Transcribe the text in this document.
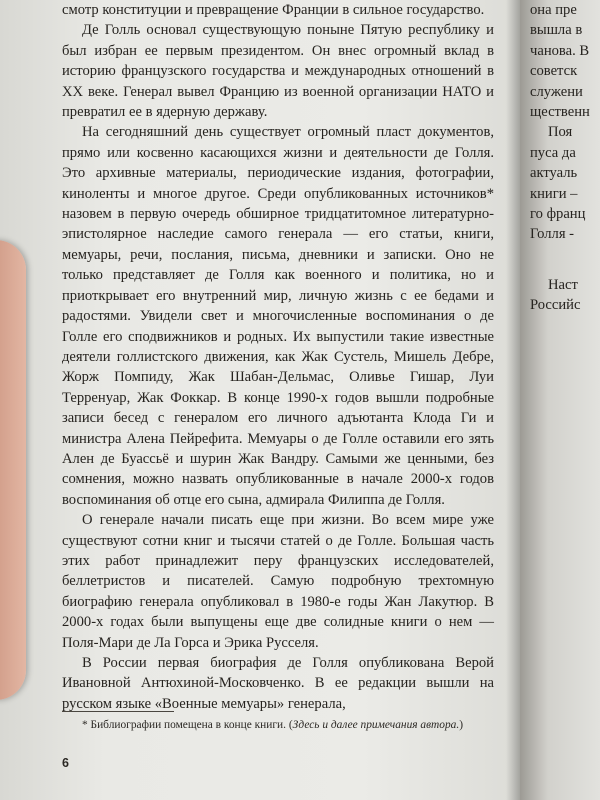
смотр конституции и превращение Франции в сильное государство.

Де Голль основал существующую поныне Пятую республику и был избран ее первым президентом. Он внес огромный вклад в историю французского государства и международных отношений в XX веке. Генерал вывел Францию из военной организации НАТО и превратил ее в ядерную державу.

На сегодняшний день существует огромный пласт документов, прямо или косвенно касающихся жизни и деятельности де Голля. Это архивные материалы, периодические издания, фотографии, киноленты и многое другое. Среди опубликованных источников* назовем в первую очередь обширное тридцатитомное литературно-эпистолярное наследие самого генерала — его статьи, книги, мемуары, речи, послания, письма, дневники и записки. Оно не только представляет де Голля как военного и политика, но и приоткрывает его внутренний мир, личную жизнь с ее бедами и радостями. Увидели свет и многочисленные воспоминания о де Голле его сподвижников и родных. Их выпустили такие известные деятели голлистского движения, как Жак Сустель, Мишель Дебре, Жорж Помпиду, Жак Шабан-Дельмас, Оливье Гишар, Луи Терренуар, Жак Фоккар. В конце 1990-х годов вышли подробные записи бесед с генералом его личного адъютанта Клода Ги и министра Алена Пейрефита. Мемуары о де Голле оставили его зять Ален де Буассьё и шурин Жак Вандру. Самыми же ценными, без сомнения, можно назвать опубликованные в начале 2000-х годов воспоминания об отце его сына, адмирала Филиппа де Голля.

О генерале начали писать еще при жизни. Во всем мире уже существуют сотни книг и тысячи статей о де Голле. Большая часть этих работ принадлежит перу французских исследователей, беллетристов и писателей. Самую подробную трехтомную биографию генерала опубликовал в 1980-е годы Жан Лакутюр. В 2000-х годах были выпущены еще две солидные книги о нем — Поля-Мари де Ла Горса и Эрика Русселя.

В России первая биография де Голля опубликована Верой Ивановной Антюхиной-Московченко. В ее редакции вышли на русском языке «Военные мемуары» генерала,

* Библиографии помещена в конце книги. (Здесь и далее примечания автора.)

6
она пре
вышла в
чанова. В
советск
служени
щественн
Поя
пуса да
актуаль
книги –
го франц
Голля -
Наст
Российс
